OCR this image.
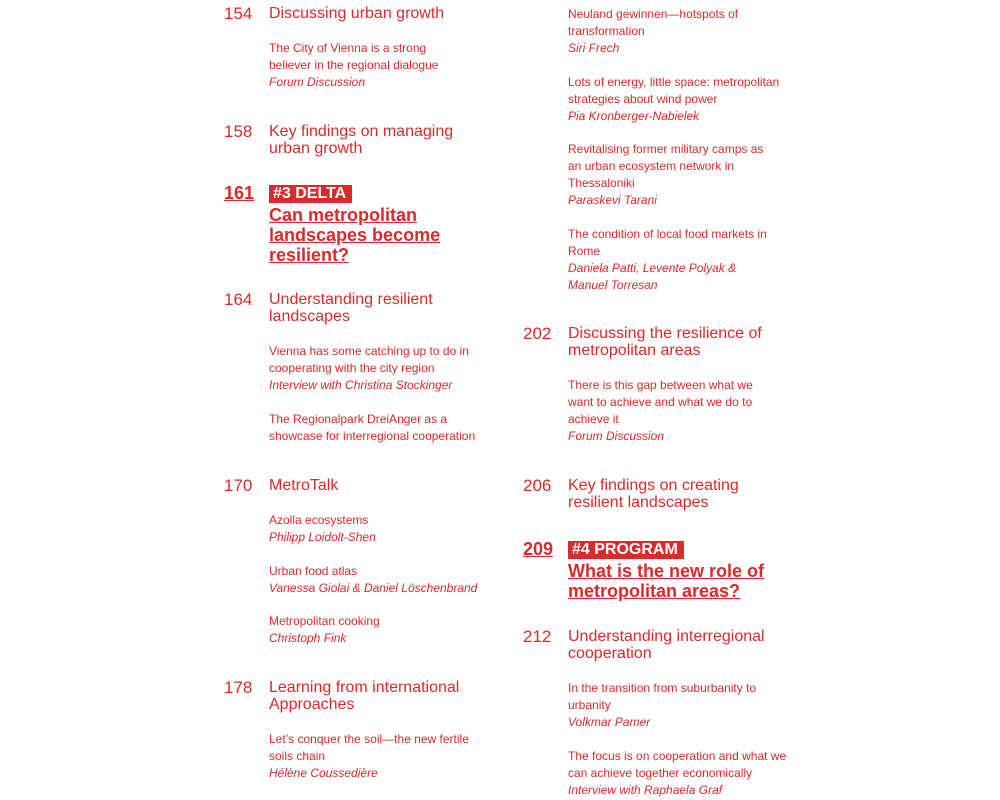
154 Discussing urban growth
The City of Vienna is a strong believer in the regional dialogue
Forum Discussion
158 Key findings on managing urban growth
161 #3 DELTA
Can metropolitan landscapes become resilient?
164 Understanding resilient landscapes
Vienna has some catching up to do in cooperating with the city region
Interview with Christina Stockinger
The Regionalpark DreiAnger as a showcase for interregional cooperation
170 MetroTalk
Azolla ecosystems
Philipp Loidolt-Shen
Urban food atlas
Vanessa Giolai & Daniel Löschenbrand
Metropolitan cooking
Christoph Fink
178 Learning from international Approaches
Let’s conquer the soil—the new fertile soils chain
Hélène Coussedière
Neuland gewinnen—hotspots of transformation
Siri Frech
Lots of energy, little space: metropolitan strategies about wind power
Pia Kronberger-Nabielek
Revitalising former military camps as an urban ecosystem network in Thessaloniki
Paraskevi Tarani
The condition of local food markets in Rome
Daniela Patti, Levente Polyak & Manuel Torresan
202 Discussing the resilience of metropolitan areas
There is this gap between what we want to achieve and what we do to achieve it
Forum Discussion
206 Key findings on creating resilient landscapes
209 #4 PROGRAM
What is the new role of metropolitan areas?
212 Understanding interregional cooperation
In the transition from suburbanity to urbanity
Volkmar Pamer
The focus is on cooperation and what we can achieve together economically
Interview with Raphaela Graf
